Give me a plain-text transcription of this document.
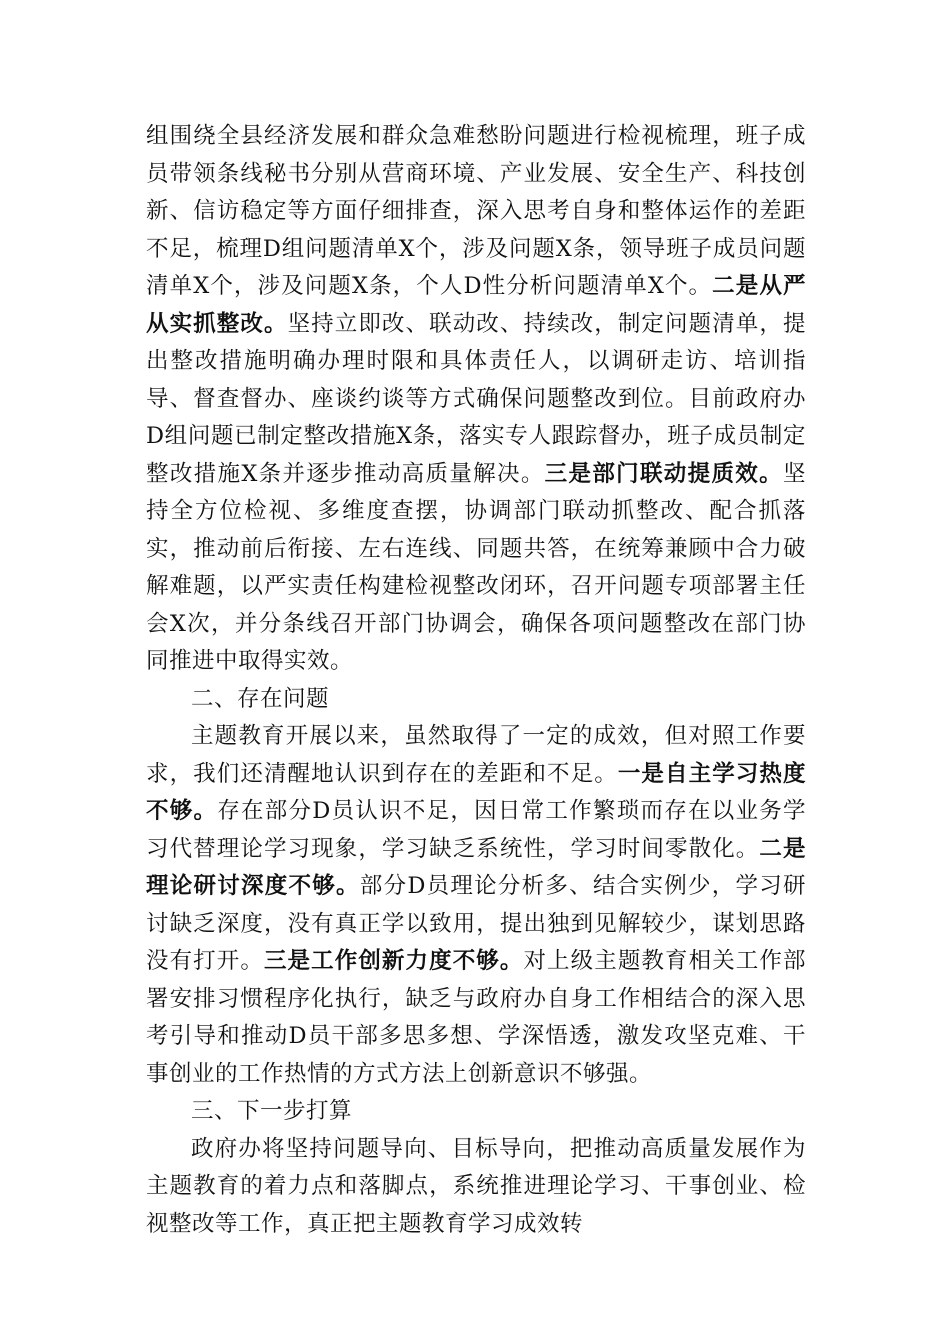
组围绕全县经济发展和群众急难愁盼问题进行检视梳理，班子成员带领条线秘书分别从营商环境、产业发展、安全生产、科技创新、信访稳定等方面仔细排查，深入思考自身和整体运作的差距不足，梳理D组问题清单X个，涉及问题X条，领导班子成员问题清单X个，涉及问题X条，个人D性分析问题清单X个。二是从严从实抓整改。坚持立即改、联动改、持续改，制定问题清单，提出整改措施明确办理时限和具体责任人，以调研走访、培训指导、督查督办、座谈约谈等方式确保问题整改到位。目前政府办D组问题已制定整改措施X条，落实专人跟踪督办，班子成员制定整改措施X条并逐步推动高质量解决。三是部门联动提质效。坚持全方位检视、多维度查摆，协调部门联动抓整改、配合抓落实，推动前后衔接、左右连线、同题共答，在统筹兼顾中合力破解难题，以严实责任构建检视整改闭环，召开问题专项部署主任会X次，并分条线召开部门协调会，确保各项问题整改在部门协同推进中取得实效。

二、存在问题

主题教育开展以来，虽然取得了一定的成效，但对照工作要求，我们还清醒地认识到存在的差距和不足。一是自主学习热度不够。存在部分D员认识不足，因日常工作繁琐而存在以业务学习代替理论学习现象，学习缺乏系统性，学习时间零散化。二是理论研讨深度不够。部分D员理论分析多、结合实例少，学习研讨缺乏深度，没有真正学以致用，提出独到见解较少，谋划思路没有打开。三是工作创新力度不够。对上级主题教育相关工作部署安排习惯程序化执行，缺乏与政府办自身工作相结合的深入思考引导和推动D员干部多思多想、学深悟透，激发攻坚克难、干事创业的工作热情的方式方法上创新意识不够强。

三、下一步打算

政府办将坚持问题导向、目标导向，把推动高质量发展作为主题教育的着力点和落脚点，系统推进理论学习、干事创业、检视整改等工作，真正把主题教育学习成效转
